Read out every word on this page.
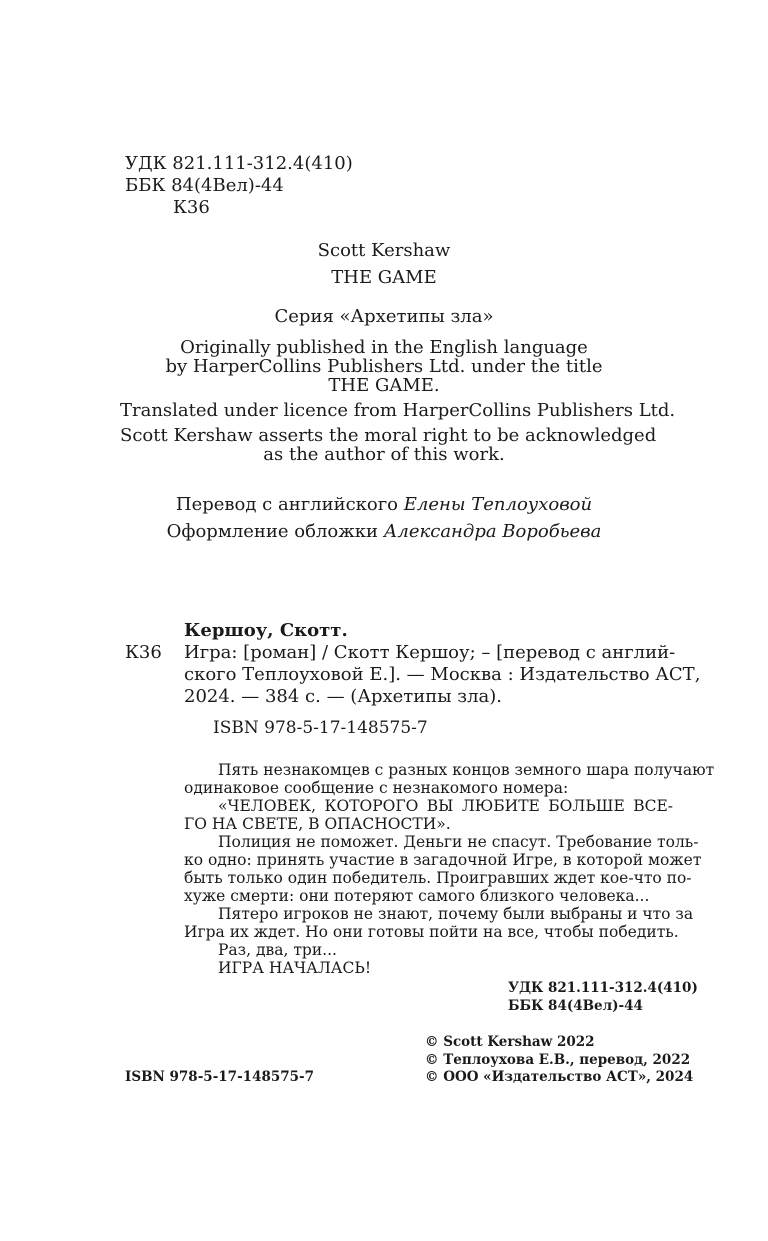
УДК 821.111-312.4(410)
ББК 84(4Вел)-44
К36
Scott Kershaw
THE GAME
Серия «Архетипы зла»
Originally published in the English language
by HarperCollins Publishers Ltd. under the title
THE GAME.
Translated under licence from HarperCollins Publishers Ltd.
Scott Kershaw asserts the moral right to be acknowledged
as the author of this work.
Перевод с английского Елены Теплоуховой
Оформление обложки Александра Воробьева
Кершоу, Скотт.
К36 Игра: [роман] / Скотт Кершоу; – [перевод с англий-
ского Теплоуховой Е.]. — Москва : Издательство АСТ,
2024. — 384 с. — (Архетипы зла).
ISBN 978-5-17-148575-7
Пять незнакомцев с разных концов земного шара получают
одинаковое сообщение с незнакомого номера:
«ЧЕЛОВЕК, КОТОРОГО ВЫ ЛЮБИТЕ БОЛЬШЕ ВСЕ-
ГО НА СВЕТЕ, В ОПАСНОСТИ».
Полиция не поможет. Деньги не спасут. Требование толь-
ко одно: принять участие в загадочной Игре, в которой может
быть только один победитель. Проигравших ждет кое-что по-
хуже смерти: они потеряют самого близкого человека...
Пятеро игроков не знают, почему были выбраны и что за
Игра их ждет. Но они готовы пойти на все, чтобы победить.
Раз, два, три...
ИГРА НАЧАЛАСЬ!
УДК 821.111-312.4(410)
ББК 84(4Вел)-44
© Scott Kershaw 2022
© Теплоухова Е.В., перевод, 2022
© ООО «Издательство АСТ», 2024
ISBN 978-5-17-148575-7
